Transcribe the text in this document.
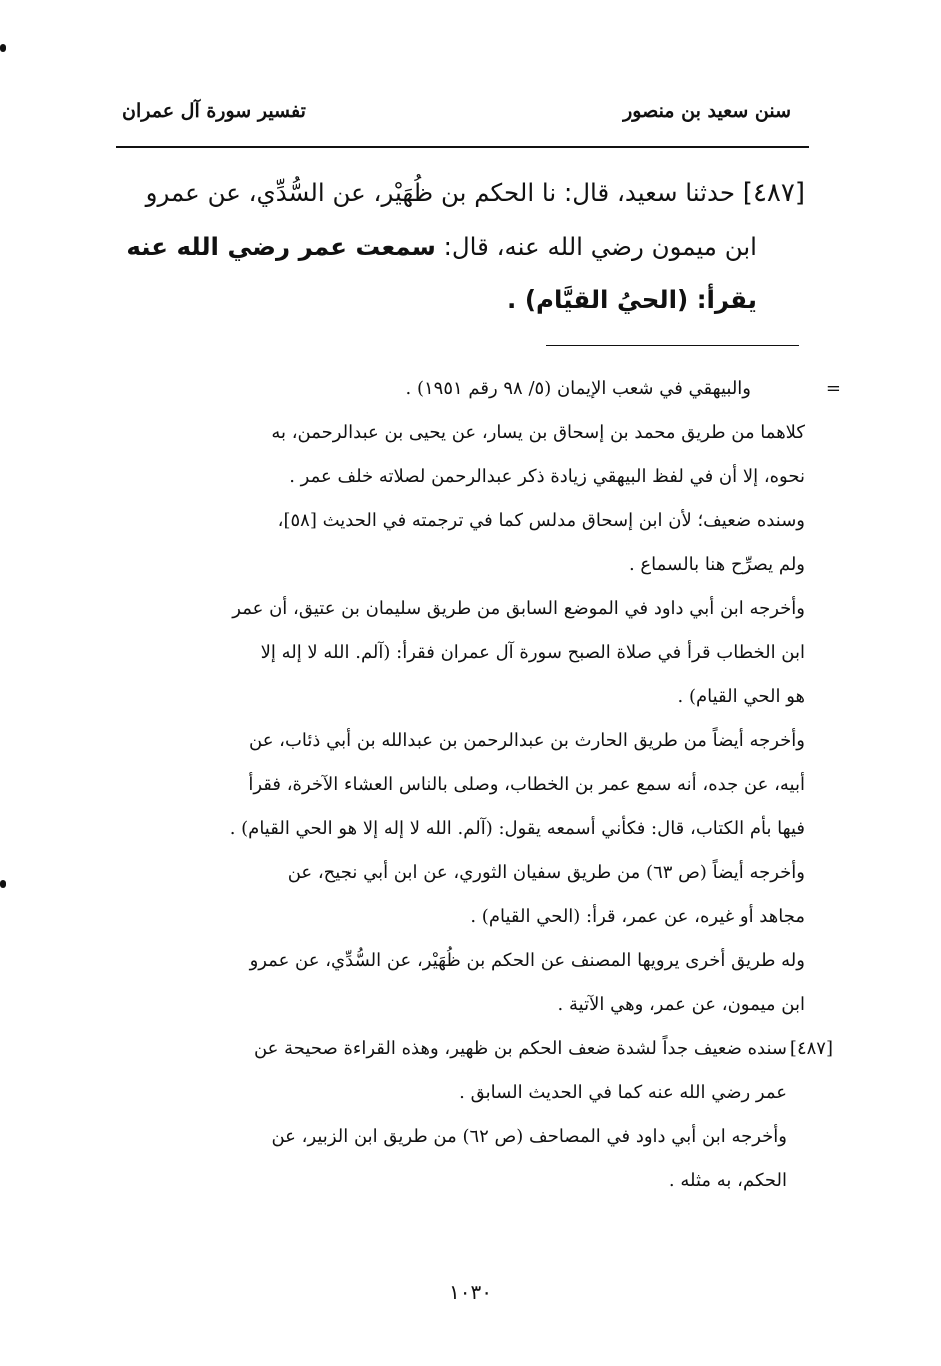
سنن سعيد بن منصور
تفسير سورة آل عمران
[٤٨٧] حدثنا سعيد، قال: نا الحكم بن ظُهَيْر، عن السُّدِّي، عن عمرو
ابن ميمون رضي الله عنه، قال: سمعت عمر رضي الله عنه
يقرأ: (الحيُ القيَّام) .
=
والبيهقي في شعب الإيمان (٥/ ٩٨ رقم ١٩٥١) .
كلاهما من طريق محمد بن إسحاق بن يسار، عن يحيى بن عبدالرحمن، به
نحوه، إلا أن في لفظ البيهقي زيادة ذكر عبدالرحمن لصلاته خلف عمر .
وسنده ضعيف؛ لأن ابن إسحاق مدلس كما في ترجمته في الحديث [٥٨]،
ولم يصرِّح هنا بالسماع .
وأخرجه ابن أبي داود في الموضع السابق من طريق سليمان بن عتيق، أن عمر
ابن الخطاب قرأ في صلاة الصبح سورة آل عمران فقرأ: (آلم. الله لا إله إلا
هو الحي القيام) .
وأخرجه أيضاً من طريق الحارث بن عبدالرحمن بن عبدالله بن أبي ذئاب، عن
أبيه، عن جده، أنه سمع عمر بن الخطاب، وصلى بالناس العشاء الآخرة، فقرأ
فيها بأم الكتاب، قال: فكأني أسمعه يقول: (آلم. الله لا إله إلا هو الحي القيام) .
وأخرجه أيضاً (ص ٦٣) من طريق سفيان الثوري، عن ابن أبي نجيح، عن
مجاهد أو غيره، عن عمر، قرأ: (الحي القيام) .
وله طريق أخرى يرويها المصنف عن الحكم بن ظُهَيْر، عن السُّدِّي، عن عمرو
ابن ميمون، عن عمر، وهي الآتية .
[٤٨٧]
سنده ضعيف جداً لشدة ضعف الحكم بن ظهير، وهذه القراءة صحيحة عن
عمر رضي الله عنه كما في الحديث السابق .
وأخرجه ابن أبي داود في المصاحف (ص ٦٢) من طريق ابن الزبير، عن
الحكم، به مثله .
١٠٣٠
